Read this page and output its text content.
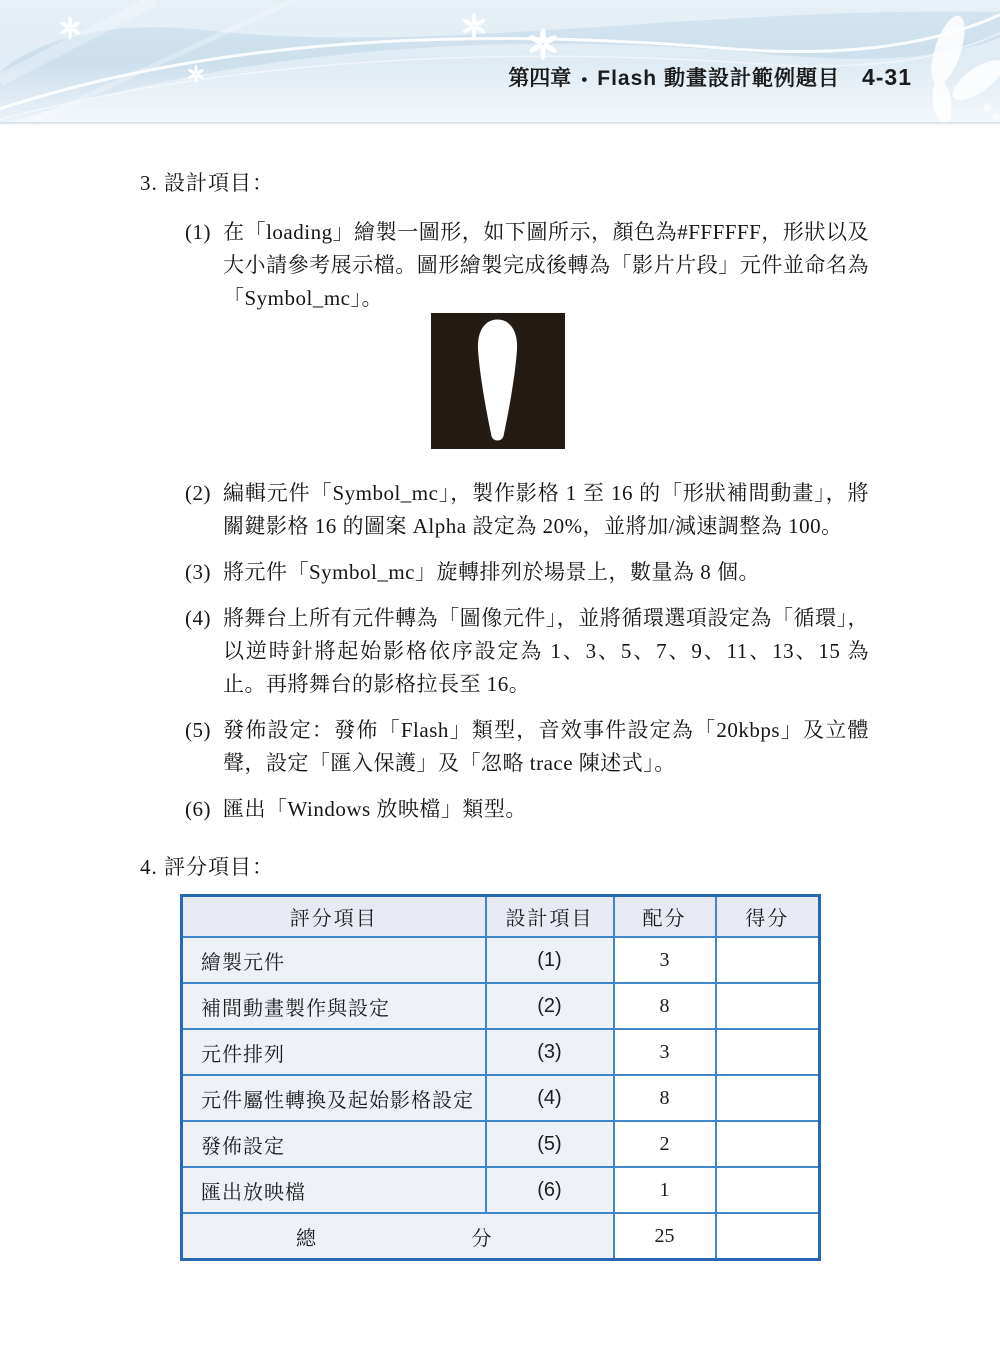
第四章 • Flash 動畫設計範例題目 4-31
3. 設計項目：
(1) 在「loading」繪製一圖形，如下圖所示，顏色為#FFFFFF，形狀以及大小請參考展示檔。圖形繪製完成後轉為「影片片段」元件並命名為「Symbol_mc」。
(2) 編輯元件「Symbol_mc」，製作影格 1 至 16 的「形狀補間動畫」，將關鍵影格 16 的圖案 Alpha 設定為 20%，並將加/減速調整為 100。
(3) 將元件「Symbol_mc」旋轉排列於場景上，數量為 8 個。
(4) 將舞台上所有元件轉為「圖像元件」，並將循環選項設定為「循環」，以逆時針將起始影格依序設定為 1、3、5、7、9、11、13、15 為止。再將舞台的影格拉長至 16。
(5) 發佈設定：發佈「Flash」類型，音效事件設定為「20kbps」及立體聲，設定「匯入保護」及「忽略 trace 陳述式」。
(6) 匯出「Windows 放映檔」類型。
4. 評分項目：
評分項目	設計項目	配分	得分
繪製元件	(1)	3	
補間動畫製作與設定	(2)	8	
元件排列	(3)	3	
元件屬性轉換及起始影格設定	(4)	8	
發佈設定	(5)	2	
匯出放映檔	(6)	1	

總 分		25	
